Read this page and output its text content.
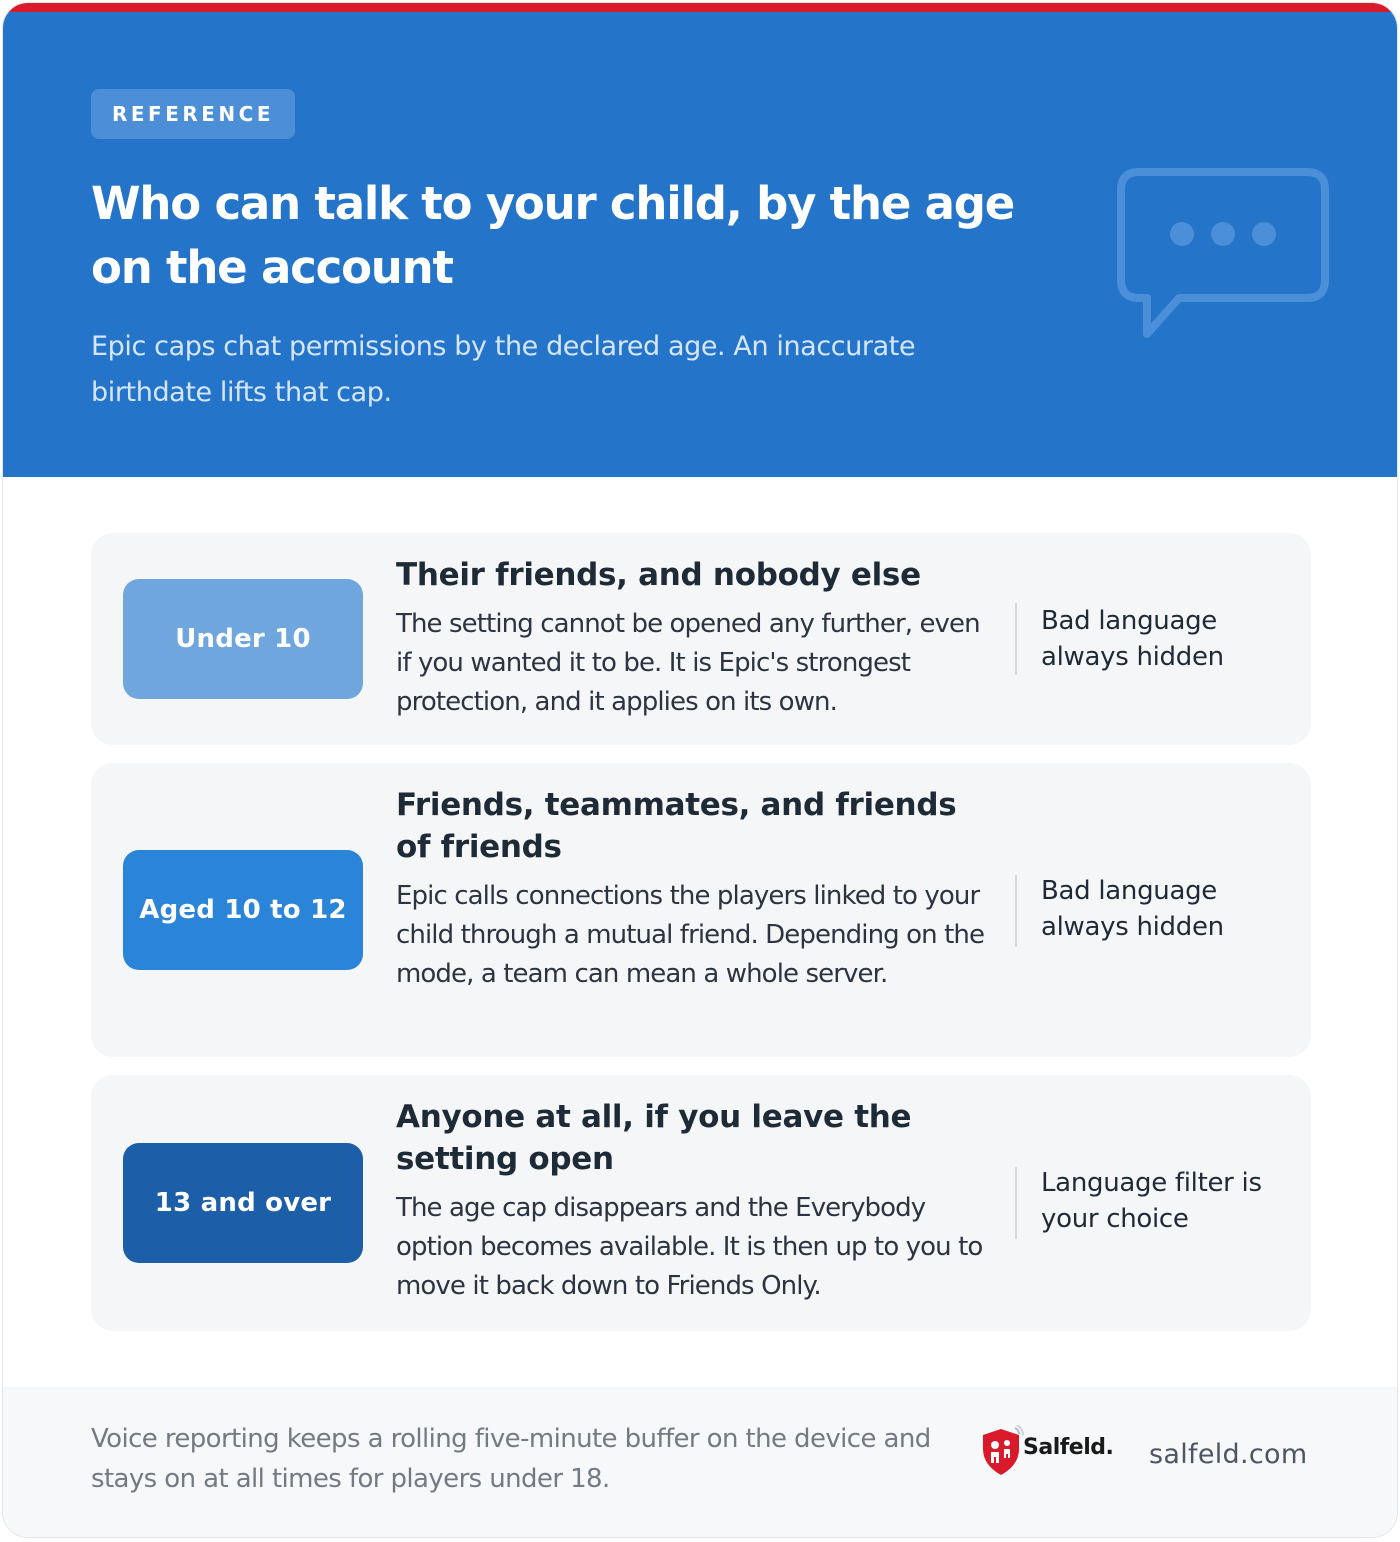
REFERENCE
Who can talk to your child, by the age on the account

Epic caps chat permissions by the declared age. An inaccurate birthdate lifts that cap.

Under 10
Their friends, and nobody else
The setting cannot be opened any further, even if you wanted it to be. It is Epic's strongest protection, and it applies on its own.
Bad language always hidden
Aged 10 to 12
Friends, teammates, and friends of friends
Epic calls connections the players linked to your child through a mutual friend. Depending on the mode, a team can mean a whole server.
Bad language always hidden
13 and over
Anyone at all, if you leave the setting open
The age cap disappears and the Everybody option becomes available. It is then up to you to move it back down to Friends Only.
Language filter is your choice

Voice reporting keeps a rolling five-minute buffer on the device and stays on at all times for players under 18.

Salfeld. salfeld.com
